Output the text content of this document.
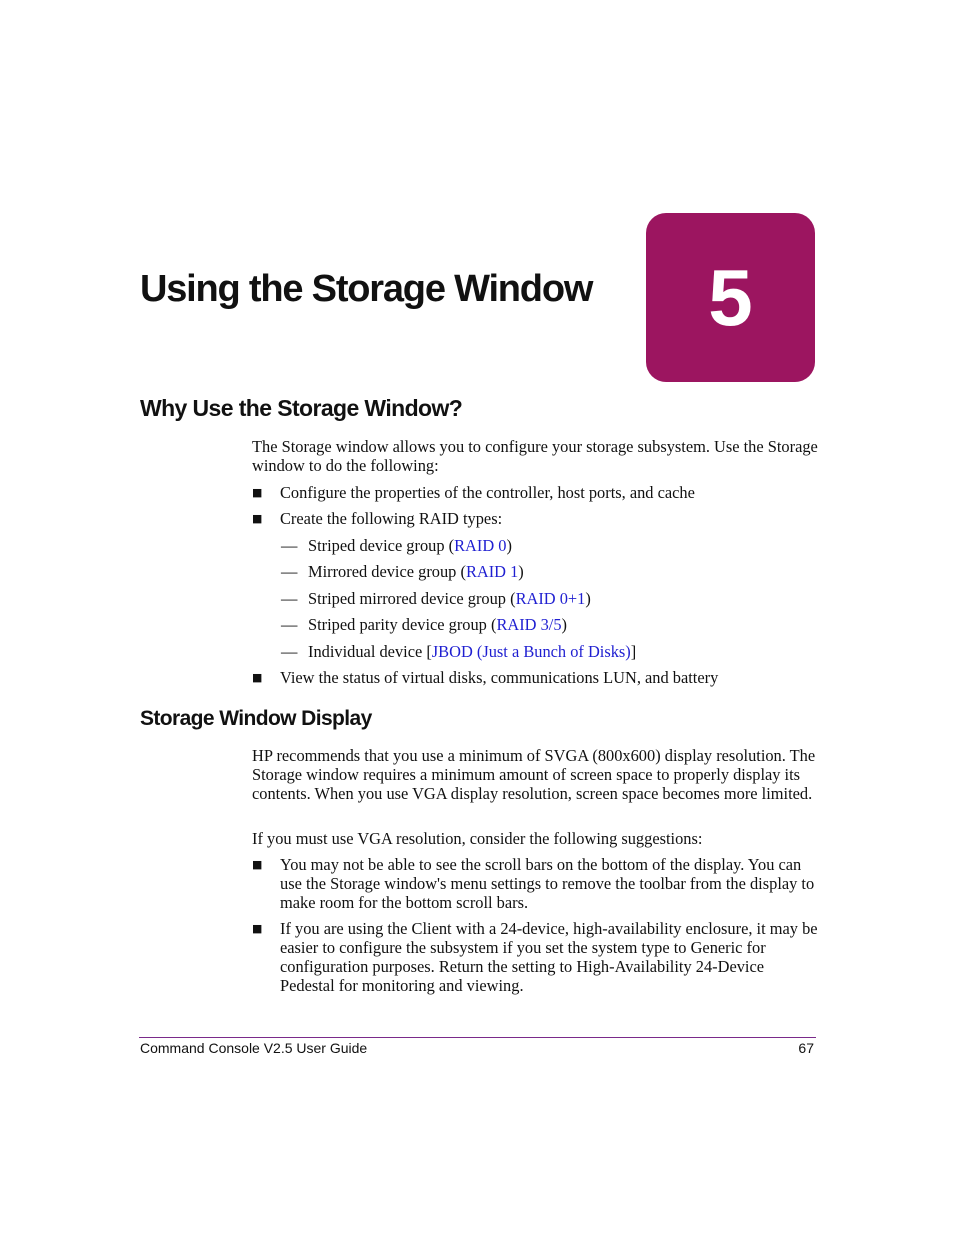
Using the Storage Window 5
Why Use the Storage Window?

The Storage window allows you to configure your storage subsystem. Use the Storage window to do the following:

■ Configure the properties of the controller, host ports, and cache
■ Create the following RAID types:
— Striped device group (RAID 0)
— Mirrored device group (RAID 1)
— Striped mirrored device group (RAID 0+1)
— Striped parity device group (RAID 3/5)
— Individual device [JBOD (Just a Bunch of Disks)]
■ View the status of virtual disks, communications LUN, and battery
Storage Window Display

HP recommends that you use a minimum of SVGA (800x600) display resolution. The Storage window requires a minimum amount of screen space to properly display its contents. When you use VGA display resolution, screen space becomes more limited.

If you must use VGA resolution, consider the following suggestions:

■ You may not be able to see the scroll bars on the bottom of the display. You can use the Storage window's menu settings to remove the toolbar from the display to make room for the bottom scroll bars.
■ If you are using the Client with a 24-device, high-availability enclosure, it may be easier to configure the subsystem if you set the system type to Generic for configuration purposes. Return the setting to High-Availability 24-Device Pedestal for monitoring and viewing.
Command Console V2.5 User Guide	67
